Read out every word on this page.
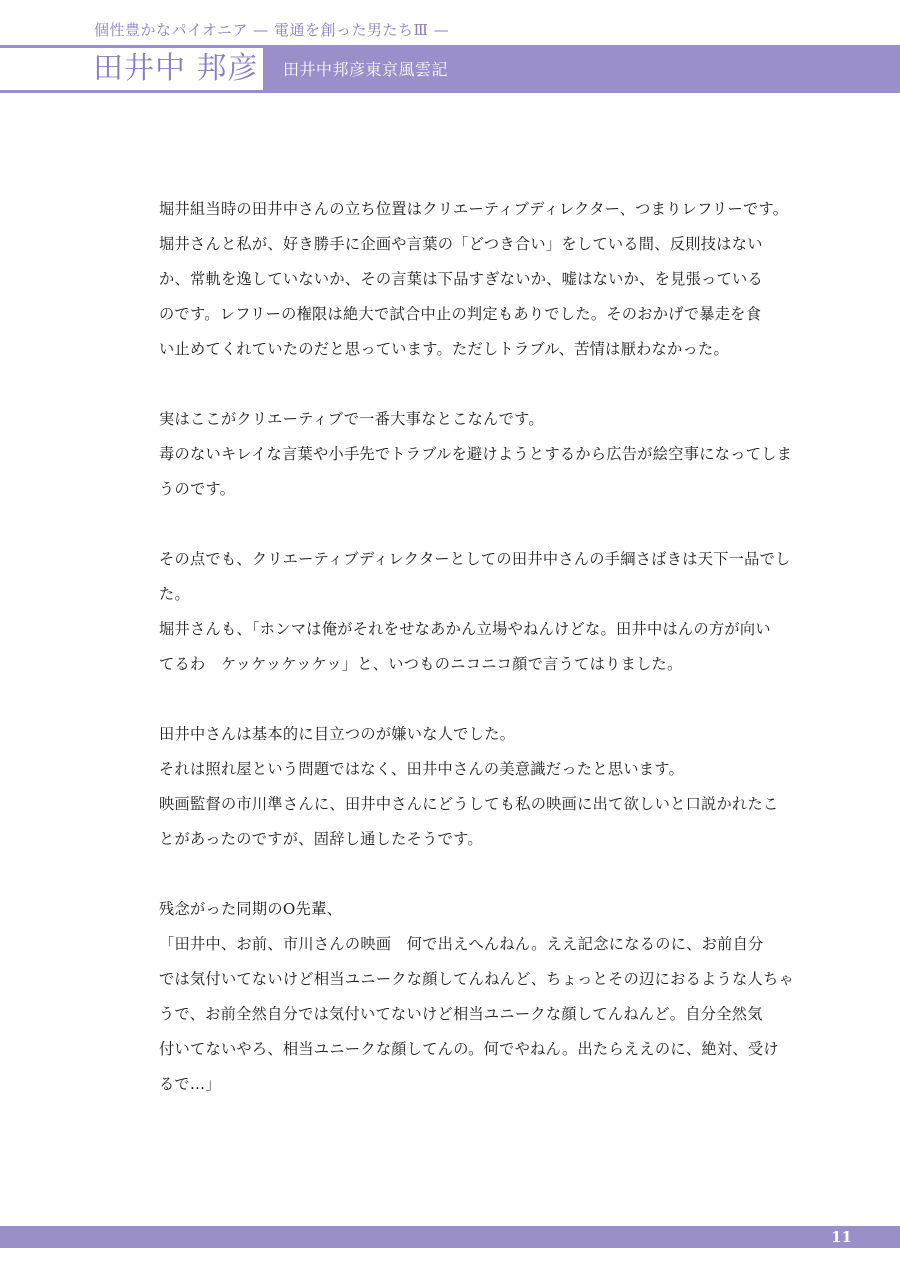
個性豊かなパイオニア — 電通を創った男たちⅢ —
田井中 邦彦 田井中邦彦東京風雲記

堀井組当時の田井中さんの立ち位置はクリエーティブディレクター、つまりレフリーです。
堀井さんと私が、好き勝手に企画や言葉の「どつき合い」をしている間、反則技はない
か、常軌を逸していないか、その言葉は下品すぎないか、嘘はないか、を見張っている
のです。レフリーの権限は絶大で試合中止の判定もありでした。そのおかげで暴走を食
い止めてくれていたのだと思っています。ただしトラブル、苦情は厭わなかった。

実はここがクリエーティブで一番大事なとこなんです。
毒のないキレイな言葉や小手先でトラブルを避けようとするから広告が絵空事になってしま
うのです。

その点でも、クリエーティブディレクターとしての田井中さんの手綱さばきは天下一品でし
た。
堀井さんも、「ホンマは俺がそれをせなあかん立場やねんけどな。田井中はんの方が向い
てるわ　ケッケッケッケッ」と、いつものニコニコ顔で言うてはりました。

田井中さんは基本的に目立つのが嫌いな人でした。
それは照れ屋という問題ではなく、田井中さんの美意識だったと思います。
映画監督の市川準さんに、田井中さんにどうしても私の映画に出て欲しいと口説かれたこ
とがあったのですが、固辞し通したそうです。

残念がった同期のO先輩、
「田井中、お前、市川さんの映画　何で出えへんねん。ええ記念になるのに、お前自分
では気付いてないけど相当ユニークな顔してんねんど、ちょっとその辺におるような人ちゃ
うで、お前全然自分では気付いてないけど相当ユニークな顔してんねんど。自分全然気
付いてないやろ、相当ユニークな顔してんの。何でやねん。出たらええのに、絶対、受け
るで…」

11
